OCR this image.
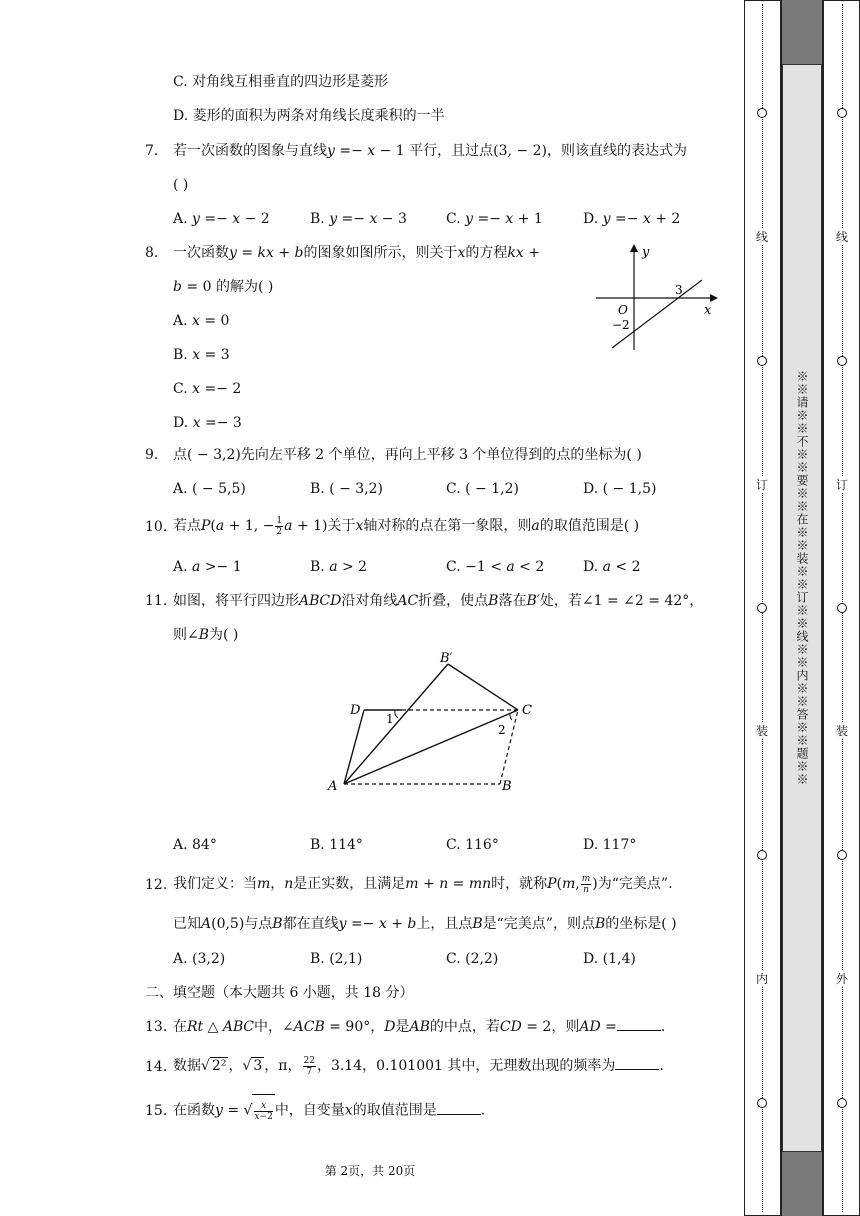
C. 对角线互相垂直的四边形是菱形
D. 菱形的面积为两条对角线长度乘积的一半
7. 若一次函数的图象与直线𝑦 =− 𝑥 − 1 平行，且过点(3, − 2)，则该直线的表达式为
( )
A. 𝑦 =− 𝑥 − 2	B. 𝑦 =− 𝑥 − 3	C. 𝑦 =− 𝑥 + 1	D. 𝑦 =− 𝑥 + 2
8. 一次函数𝑦 = 𝑘𝑥 + 𝑏的图象如图所示，则关于𝑥的方程𝑘𝑥 +
𝑏 = 0 的解为( )
A. 𝑥 = 0
B. 𝑥 = 3
C. 𝑥 =− 2
D. 𝑥 =− 3
y
x
O
3
−2
9. 点( − 3,2)先向左平移 2 个单位，再向上平移 3 个单位得到的点的坐标为( )
A. ( − 5,5)	B. ( − 3,2)	C. ( − 1,2)	D. ( − 1,5)
10. 若点𝑃(𝑎 + 1, − $\frac{1}{2}$ 𝑎 + 1)关于𝑥轴对称的点在第一象限，则𝑎的取值范围是( )
A. 𝑎 >− 1	B. 𝑎 > 2	C. −1 < 𝑎 < 2	D. 𝑎 < 2
11. 如图，将平行四边形𝐴𝐵𝐶𝐷沿对角线𝐴𝐶折叠，使点𝐵落在𝐵′处，若∠1 = ∠2 = 42°，
则∠𝐵为( )
A	B
C
D
B′
1
2
A. 84°	B. 114°	C. 116°	D. 117°
12. 我们定义：当𝑚，𝑛是正实数，且满足𝑚 + 𝑛 = 𝑚𝑛时，就称𝑃(𝑚, $\frac{\text{𝑚}}{\text{𝑛}}$ )为“完美点”.
已知𝐴(0,5)与点𝐵都在直线𝑦 =− 𝑥 + 𝑏上，且点𝐵是“完美点”，则点𝐵的坐标是( )
A. (3,2)	B. (2,1)	C. (2,2)	D. (1,4)
二、填空题（本大题共 6 小题，共 18 分）
13. 在𝑅𝑡 △ 𝐴𝐵𝐶中，∠𝐴𝐶𝐵 = 90°，𝐷是𝐴𝐵的中点，若𝐶𝐷 = 2，则𝐴𝐷 =	.
14. 数据√ 2² ，√ 3 ，π， $\frac{22}{7}$ ，3.14，0.101001 其中，无理数出现的频率为	.
15. 在函数𝑦 = √ $\frac{\text{𝑥}}{\text{𝑥−2}}$ 中，自变量𝑥的取值范围是	.
第 2页，共 20页
※※请※※不※※要※※在※※装※※订※※线※※内※※答※※题※※
线
订
装
内
线
订
装
外
